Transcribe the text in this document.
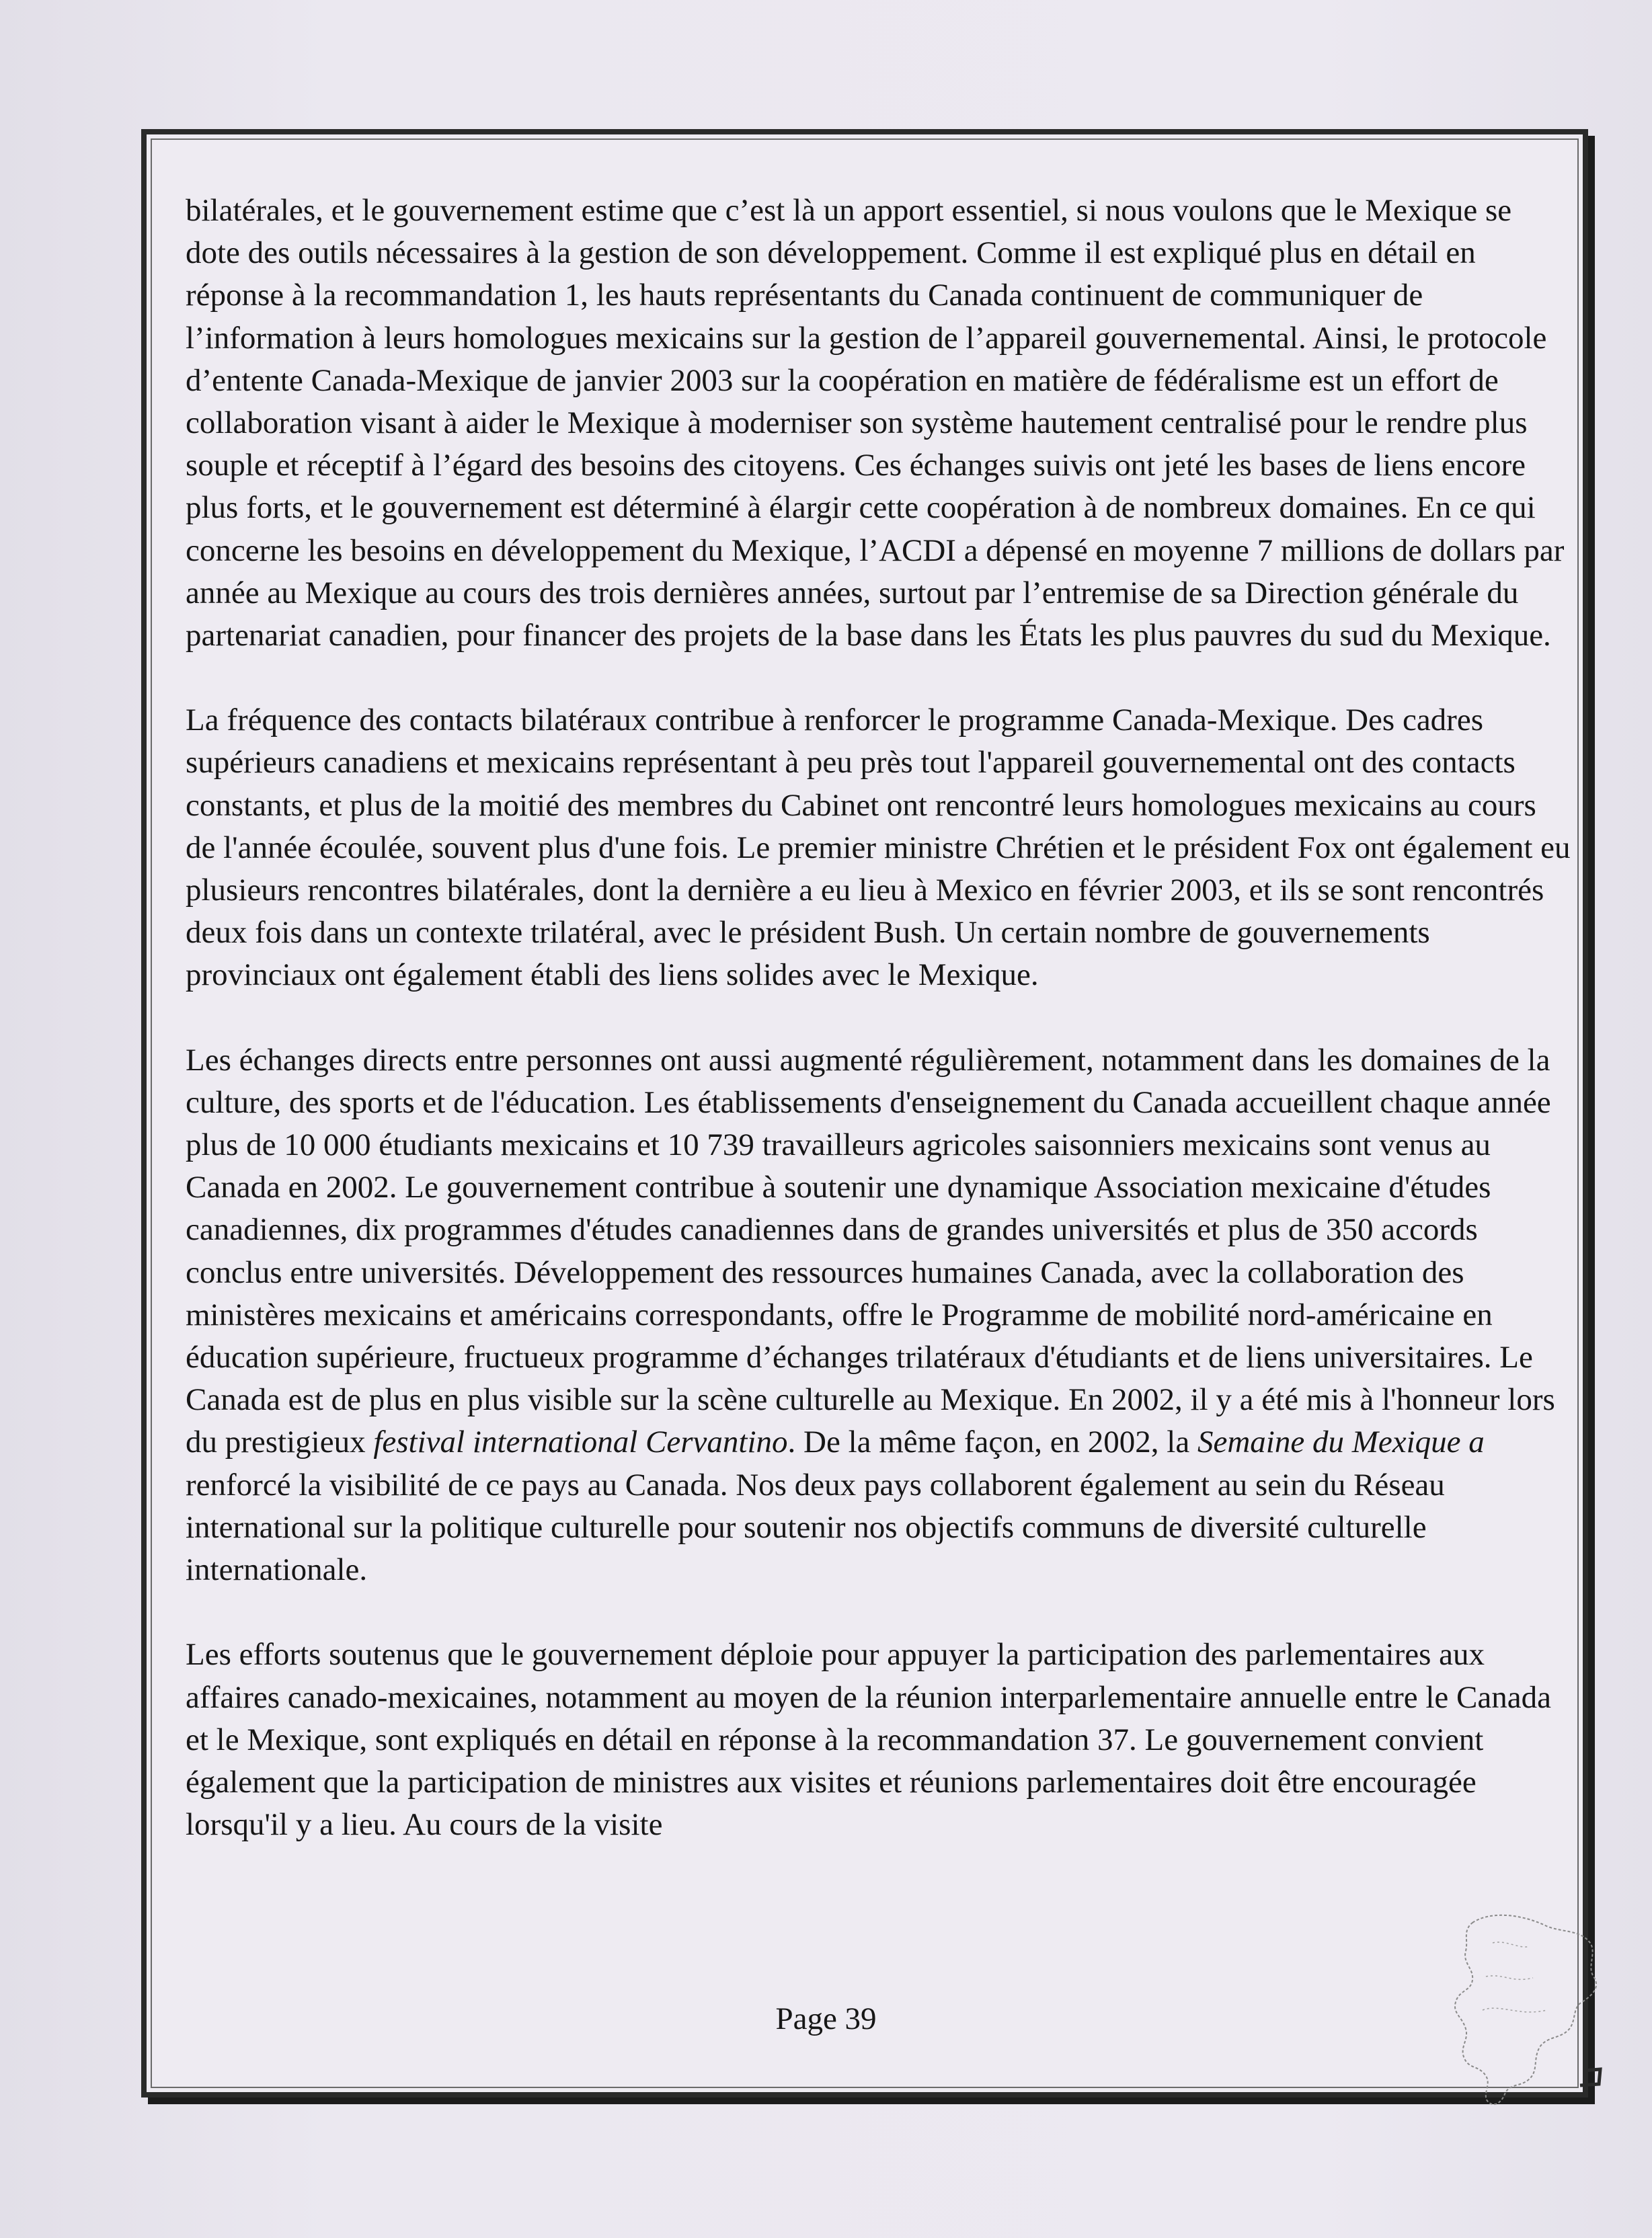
bilatérales, et le gouvernement estime que c’est là un apport essentiel, si nous voulons que le Mexique se dote des outils nécessaires à la gestion de son développement. Comme il est expliqué plus en détail en réponse à la recommandation 1, les hauts représentants du Canada continuent de communiquer de l’information à leurs homologues mexicains sur la gestion de l’appareil gouvernemental. Ainsi, le protocole d’entente Canada-Mexique de janvier 2003 sur la coopération en matière de fédéralisme est un effort de collaboration visant à aider le Mexique à moderniser son système hautement centralisé pour le rendre plus souple et réceptif à l’égard des besoins des citoyens. Ces échanges suivis ont jeté les bases de liens encore plus forts, et le gouvernement est déterminé à élargir cette coopération à de nombreux domaines. En ce qui concerne les besoins en développement du Mexique, l’ACDI a dépensé en moyenne 7 millions de dollars par année au Mexique au cours des trois dernières années, surtout par l’entremise de sa Direction générale du partenariat canadien, pour financer des projets de la base dans les États les plus pauvres du sud du Mexique.

La fréquence des contacts bilatéraux contribue à renforcer le programme Canada-Mexique. Des cadres supérieurs canadiens et mexicains représentant à peu près tout l'appareil gouvernemental ont des contacts constants, et plus de la moitié des membres du Cabinet ont rencontré leurs homologues mexicains au cours de l'année écoulée, souvent plus d'une fois. Le premier ministre Chrétien et le président Fox ont également eu plusieurs rencontres bilatérales, dont la dernière a eu lieu à Mexico en février 2003, et ils se sont rencontrés deux fois dans un contexte trilatéral, avec le président Bush. Un certain nombre de gouvernements provinciaux ont également établi des liens solides avec le Mexique.

Les échanges directs entre personnes ont aussi augmenté régulièrement, notamment dans les domaines de la culture, des sports et de l'éducation. Les établissements d'enseignement du Canada accueillent chaque année plus de 10 000 étudiants mexicains et 10 739 travailleurs agricoles saisonniers mexicains sont venus au Canada en 2002. Le gouvernement contribue à soutenir une dynamique Association mexicaine d'études canadiennes, dix programmes d'études canadiennes dans de grandes universités et plus de 350 accords conclus entre universités. Développement des ressources humaines Canada, avec la collaboration des ministères mexicains et américains correspondants, offre le Programme de mobilité nord-américaine en éducation supérieure, fructueux programme d’échanges trilatéraux d'étudiants et de liens universitaires. Le Canada est de plus en plus visible sur la scène culturelle au Mexique. En 2002, il y a été mis à l'honneur lors du prestigieux festival international Cervantino. De la même façon, en 2002, la Semaine du Mexique a renforcé la visibilité de ce pays au Canada. Nos deux pays collaborent également au sein du Réseau international sur la politique culturelle pour soutenir nos objectifs communs de diversité culturelle internationale.

Les efforts soutenus que le gouvernement déploie pour appuyer la participation des parlementaires aux affaires canado-mexicaines, notamment au moyen de la réunion interparlementaire annuelle entre le Canada et le Mexique, sont expliqués en détail en réponse à la recommandation 37. Le gouvernement convient également que la participation de ministres aux visites et réunions parlementaires doit être encouragée lorsqu'il y a lieu. Au cours de la visite

Page 39
